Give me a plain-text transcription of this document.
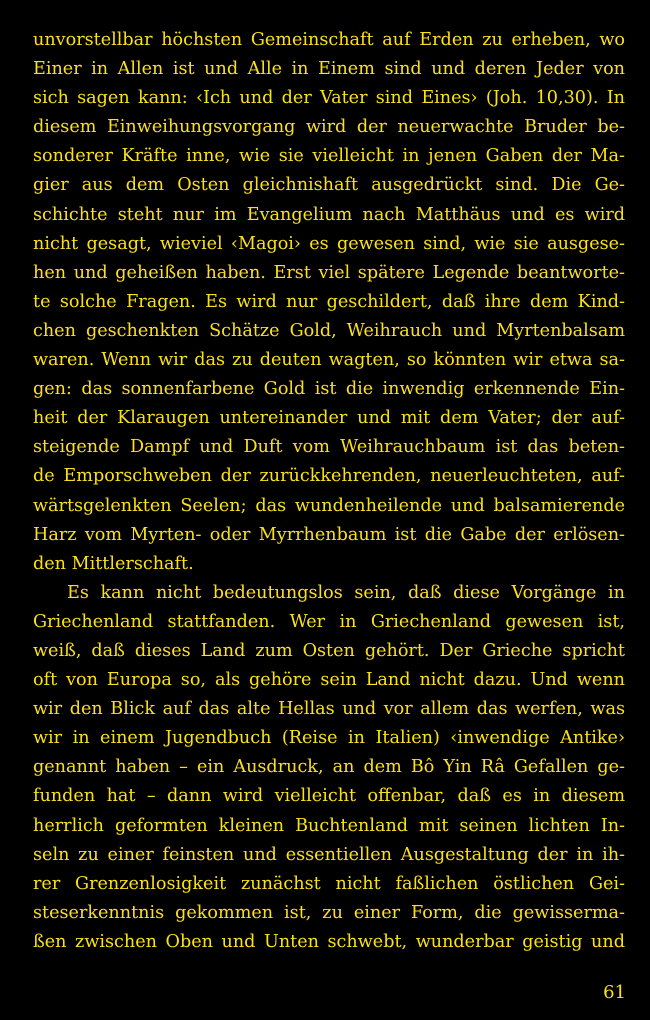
unvorstellbar höchsten Gemeinschaft auf Erden zu erheben, wo
Einer in Allen ist und Alle in Einem sind und deren Jeder von
sich sagen kann: ‹Ich und der Vater sind Eines› (Joh. 10,30). In
diesem Einweihungsvorgang wird der neuerwachte Bruder be-
sonderer Kräfte inne, wie sie vielleicht in jenen Gaben der Ma-
gier aus dem Osten gleichnishaft ausgedrückt sind. Die Ge-
schichte steht nur im Evangelium nach Matthäus und es wird
nicht gesagt, wieviel ‹Magoi› es gewesen sind, wie sie ausgese-
hen und geheißen haben. Erst viel spätere Legende beantworte-
te solche Fragen. Es wird nur geschildert, daß ihre dem Kind-
chen geschenkten Schätze Gold, Weihrauch und Myrtenbalsam
waren. Wenn wir das zu deuten wagten, so könnten wir etwa sa-
gen: das sonnenfarbene Gold ist die inwendig erkennende Ein-
heit der Klaraugen untereinander und mit dem Vater; der auf-
steigende Dampf und Duft vom Weihrauchbaum ist das beten-
de Emporschweben der zurückkehrenden, neuerleuchteten, auf-
wärtsgelenkten Seelen; das wundenheilende und balsamierende
Harz vom Myrten- oder Myrrhenbaum ist die Gabe der erlösen-
den Mittlerschaft.
Es kann nicht bedeutungslos sein, daß diese Vorgänge in
Griechenland stattfanden. Wer in Griechenland gewesen ist,
weiß, daß dieses Land zum Osten gehört. Der Grieche spricht
oft von Europa so, als gehöre sein Land nicht dazu. Und wenn
wir den Blick auf das alte Hellas und vor allem das werfen, was
wir in einem Jugendbuch (Reise in Italien) ‹inwendige Antike›
genannt haben – ein Ausdruck, an dem Bô Yin Râ Gefallen ge-
funden hat – dann wird vielleicht offenbar, daß es in diesem
herrlich geformten kleinen Buchtenland mit seinen lichten In-
seln zu einer feinsten und essentiellen Ausgestaltung der in ih-
rer Grenzenlosigkeit zunächst nicht faßlichen östlichen Gei-
steserkenntnis gekommen ist, zu einer Form, die gewisserma-
ßen zwischen Oben und Unten schwebt, wunderbar geistig und
61
